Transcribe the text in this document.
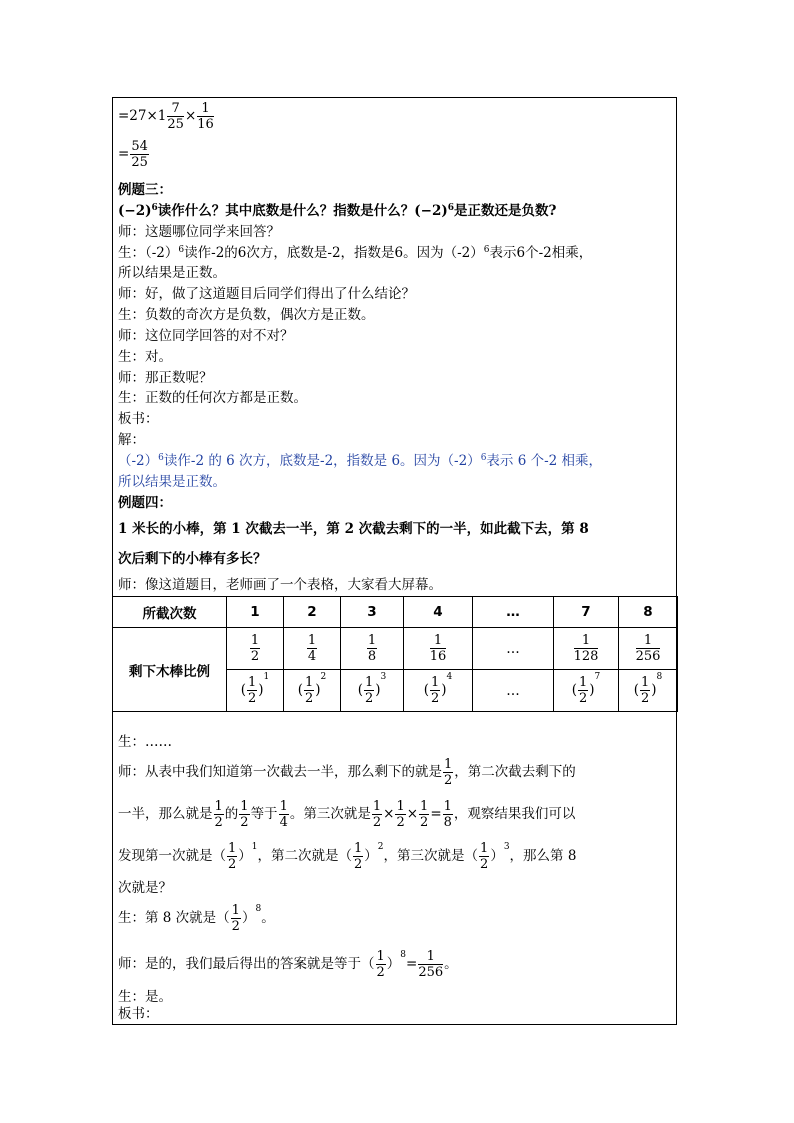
$=27\times 1 \frac{7}{25} \times \frac{1}{16}$
= $\frac{54}{25}$
例题三：
$(-2)^6$读作什么？其中底数是什么？指数是什么？$(-2)^6$是正数还是负数?
师：这题哪位同学来回答？
生：$(-2)^6$读作-2的6次方，底数是-2，指数是6。因为$(-2)^6$表示6个-2相乘，
所以结果是正数。
师：好，做了这道题目后同学们得出了什么结论？
生：负数的奇次方是负数，偶次方是正数。
师：这位同学回答的对不对？
生：对。
师：那正数呢？
生：正数的任何次方都是正数。
板书：
解：
$(-2)^6$读作-2 的 6 次方，底数是-2，指数是 6。因为$(-2)^6$表示 6 个-2 相乘，
所以结果是正数。
例题四：
1 米长的小棒，第 1 次截去一半，第 2 次截去剩下的一半，如此截下去，第 8
次后剩下的小棒有多长？
师：像这道题目，老师画了一个表格，大家看大屏幕。
所截次数	1	2	3	4	…	7	8
剩下木棒比例	$\frac{1}{2}$	$\frac{1}{4}$	$\frac{1}{8}$	$\frac{1}{16}$	…	$\frac{1}{128}$	$\frac{1}{256}$

	( $\frac{1}{2} )^1$	( $\frac{1}{2} )^2$	( $\frac{1}{2} )^3$	( $\frac{1}{2} )^4$	…	( $\frac{1}{2} )^7$	( $\frac{1}{2} )^8$
生：……
师：从表中我们知道第一次截去一半，那么剩下的就是 $\frac{1}{2}$ ，第二次截去剩下的
一半，那么就是 $\frac{1}{2}$ 的 $\frac{1}{2}$ 等于 $\frac{1}{4}$ 。第三次就是 $\frac{1}{2} \times \frac{1}{2} \times \frac{1}{2} = \frac{1}{8}$ ，观察结果我们可以
发现第一次就是（ $\frac{1}{2} )^1$，第二次就是（ $\frac{1}{2} )^2$，第三次就是（ $\frac{1}{2} )^3$，那么第 8
次就是？
生：第 8 次就是（ $\frac{1}{2} )^8$。
师：是的，我们最后得出的答案就是等于（ $\frac{1}{2} )^8= \frac{1}{256}$ 。
生：是。
板书：
